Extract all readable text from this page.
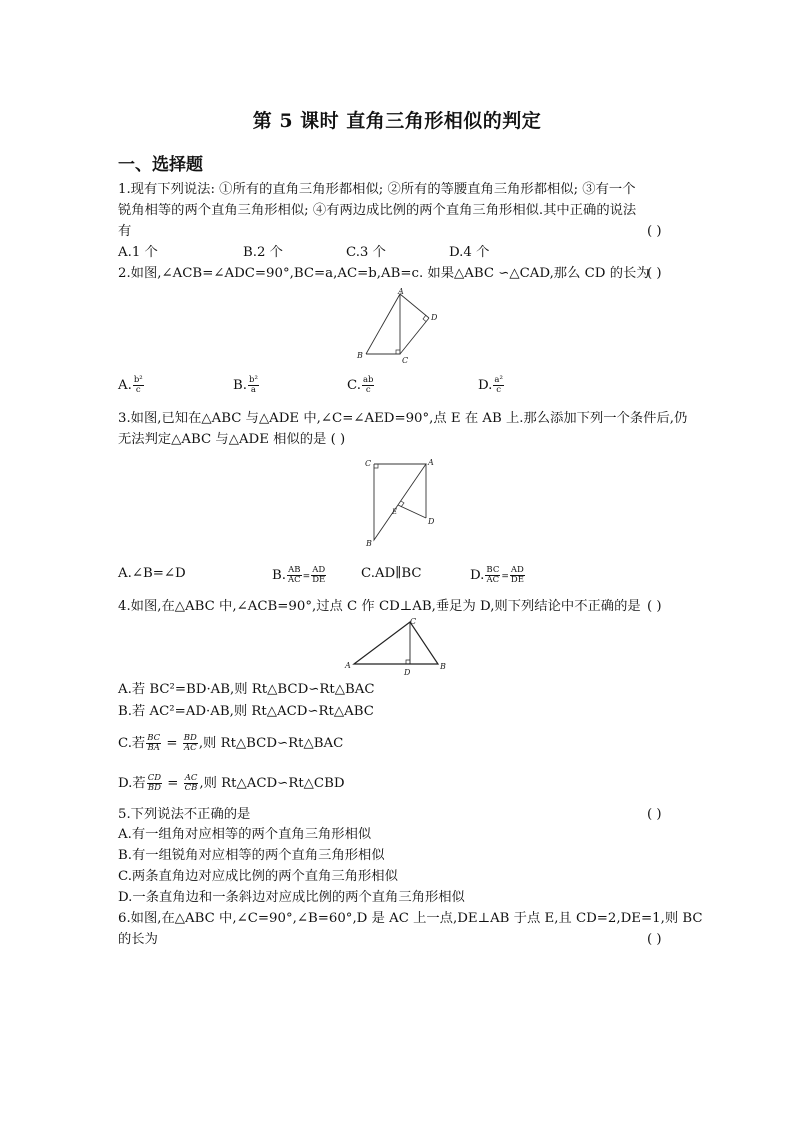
第 5 课时 直角三角形相似的判定
一、选择题
1.现有下列说法: ①所有的直角三角形都相似; ②所有的等腰直角三角形都相似; ③有一个
锐角相等的两个直角三角形相似; ④有两边成比例的两个直角三角形相似.其中正确的说法
有	( )
A.1 个	B.2 个	C.3 个	D.4 个
2.如图,∠ACB=∠ADC=90°,BC=a,AC=b,AB=c. 如果△ABC ∽△CAD,那么 CD 的长为
( )
A
B
C
D
A. $\frac{\text{b²}}{c}$	B. $\frac{\text{b²}}{a}$	C. $\frac{ab}{c}$	D. $\frac{\text{a²}}{c}$
3.如图,已知在△ABC 与△ADE 中,∠C=∠AED=90°,点 E 在 AB 上.那么添加下列一个条件后,仍
无法判定△ABC 与△ADE 相似的是 ( )
C	A
E
D
B
A.∠B=∠D	B. $\frac{AB}{AC} = \frac{AD}{DE}$	C.AD∥BC	D. $\frac{BC}{AC} = \frac{AD}{DE}$
4.如图,在△ABC 中,∠ACB=90°,过点 C 作 CD⊥AB,垂足为 D,则下列结论中不正确的是 ( )
C
A	B
D
A.若 BC²=BD·AB,则 Rt△BCD∽Rt△BAC
B.若 AC²=AD·AB,则 Rt△ACD∽Rt△ABC
C.若 $\frac{BC}{BA} = \frac{BD}{AC}$ ,则 Rt△BCD∽Rt△BAC
D.若 $\frac{CD}{BD} = \frac{AC}{CB}$ ,则 Rt△ACD∽Rt△CBD
5.下列说法不正确的是	( )
A.有一组角对应相等的两个直角三角形相似
B.有一组锐角对应相等的两个直角三角形相似
C.两条直角边对应成比例的两个直角三角形相似
D.一条直角边和一条斜边对应成比例的两个直角三角形相似
6.如图,在△ABC 中,∠C=90°,∠B=60°,D 是 AC 上一点,DE⊥AB 于点 E,且 CD=2,DE=1,则 BC
的长为	( )
